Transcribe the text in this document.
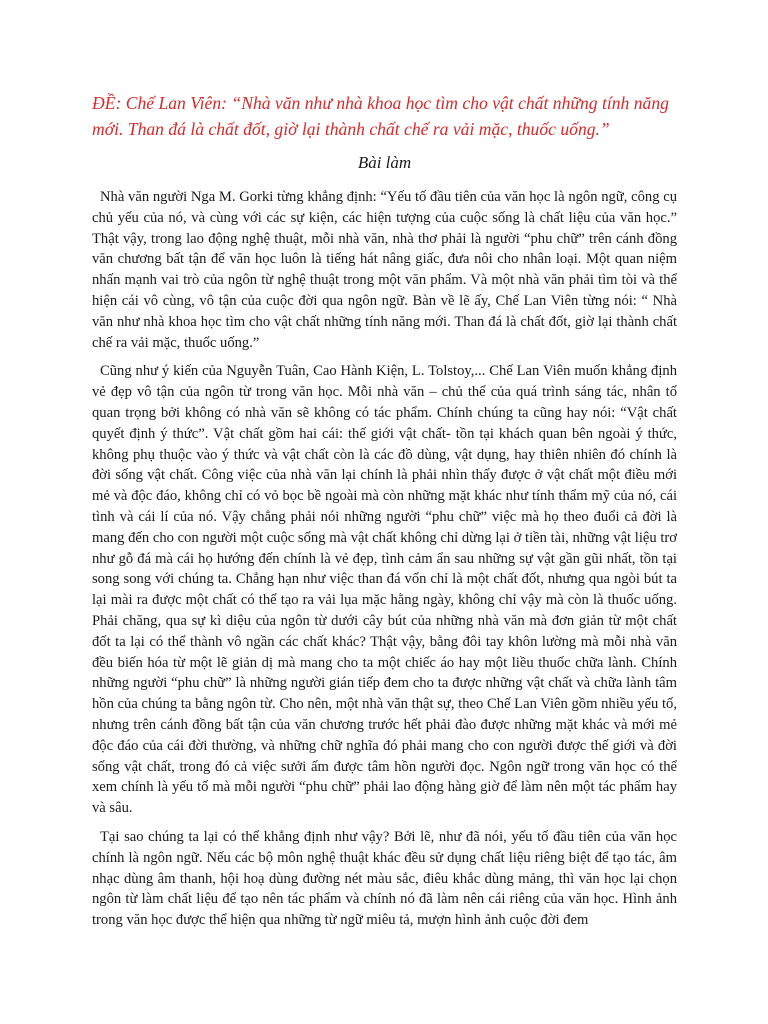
ĐỀ: Chế Lan Viên: “Nhà văn như nhà khoa học tìm cho vật chất những tính năng mới. Than đá là chất đốt, giờ lại thành chất chế ra vải mặc, thuốc uống.”

Bài làm

Nhà văn người Nga M. Gorki từng khẳng định: “Yếu tố đầu tiên của văn học là ngôn ngữ, công cụ chủ yếu của nó, và cùng với các sự kiện, các hiện tượng của cuộc sống là chất liệu của văn học.” Thật vậy, trong lao động nghệ thuật, mỗi nhà văn, nhà thơ phải là người “phu chữ” trên cánh đồng văn chương bất tận để văn học luôn là tiếng hát nâng giấc, đưa nôi cho nhân loại. Một quan niệm nhấn mạnh vai trò của ngôn từ nghệ thuật trong một văn phẩm. Và một nhà văn phải tìm tòi và thể hiện cái vô cùng, vô tận của cuộc đời qua ngôn ngữ. Bàn về lẽ ấy, Chế Lan Viên từng nói: “ Nhà văn như nhà khoa học tìm cho vật chất những tính năng mới. Than đá là chất đốt, giờ lại thành chất chế ra vải mặc, thuốc uống.”

Cũng như ý kiến của Nguyễn Tuân, Cao Hành Kiện, L. Tolstoy,... Chế Lan Viên muốn khẳng định vẻ đẹp vô tận của ngôn từ trong văn học. Mỗi nhà văn – chủ thể của quá trình sáng tác, nhân tố quan trọng bởi không có nhà văn sẽ không có tác phẩm. Chính chúng ta cũng hay nói: “Vật chất quyết định ý thức”. Vật chất gồm hai cái: thế giới vật chất- tồn tại khách quan bên ngoài ý thức, không phụ thuộc vào ý thức và vật chất còn là các đồ dùng, vật dụng, hay thiên nhiên đó chính là đời sống vật chất. Công việc của nhà văn lại chính là phải nhìn thấy được ở vật chất một điều mới mẻ và độc đáo, không chỉ có vỏ bọc bề ngoài mà còn những mặt khác như tính thẩm mỹ của nó, cái tình và cái lí của nó. Vậy chẳng phải nói những người “phu chữ” việc mà họ theo đuổi cả đời là mang đến cho con người một cuộc sống mà vật chất không chỉ dừng lại ở tiền tài, những vật liệu trơ như gỗ đá mà cái họ hướng đến chính là vẻ đẹp, tình cảm ẩn sau những sự vật gần gũi nhất, tồn tại song song với chúng ta. Chẳng hạn như việc than đá vốn chỉ là một chất đốt, nhưng qua ngòi bút ta lại mài ra được một chất có thể tạo ra vải lụa mặc hằng ngày, không chỉ vậy mà còn là thuốc uống. Phải chăng, qua sự kì diệu của ngôn từ dưới cây bút của những nhà văn mà đơn giản từ một chất đốt ta lại có thể thành vô ngần các chất khác? Thật vậy, bằng đôi tay khôn lường mà mỗi nhà văn đều biến hóa từ một lẽ giản dị mà mang cho ta một chiếc áo hay một liều thuốc chữa lành. Chính những người “phu chữ” là những người gián tiếp đem cho ta được những vật chất và chữa lành tâm hồn của chúng ta bằng ngôn từ. Cho nên, một nhà văn thật sự, theo Chế Lan Viên gồm nhiều yếu tố, nhưng trên cánh đồng bất tận của văn chương trước hết phải đào được những mặt khác và mới mẻ độc đáo của cái đời thường, và những chữ nghĩa đó phải mang cho con người được thế giới và đời sống vật chất, trong đó cả việc sưởi ấm được tâm hồn người đọc. Ngôn ngữ trong văn học có thể xem chính là yếu tố mà mỗi người “phu chữ” phải lao động hàng giờ để làm nên một tác phẩm hay và sâu.

Tại sao chúng ta lại có thể khẳng định như vậy? Bởi lẽ, như đã nói, yếu tố đầu tiên của văn học chính là ngôn ngữ. Nếu các bộ môn nghệ thuật khác đều sử dụng chất liệu riêng biệt để tạo tác, âm nhạc dùng âm thanh, hội hoạ dùng đường nét màu sắc, điêu khắc dùng mảng, thì văn học lại chọn ngôn từ làm chất liệu để tạo nên tác phẩm và chính nó đã làm nên cái riêng của văn học. Hình ảnh trong văn học được thể hiện qua những từ ngữ miêu tả, mượn hình ảnh cuộc đời đem
